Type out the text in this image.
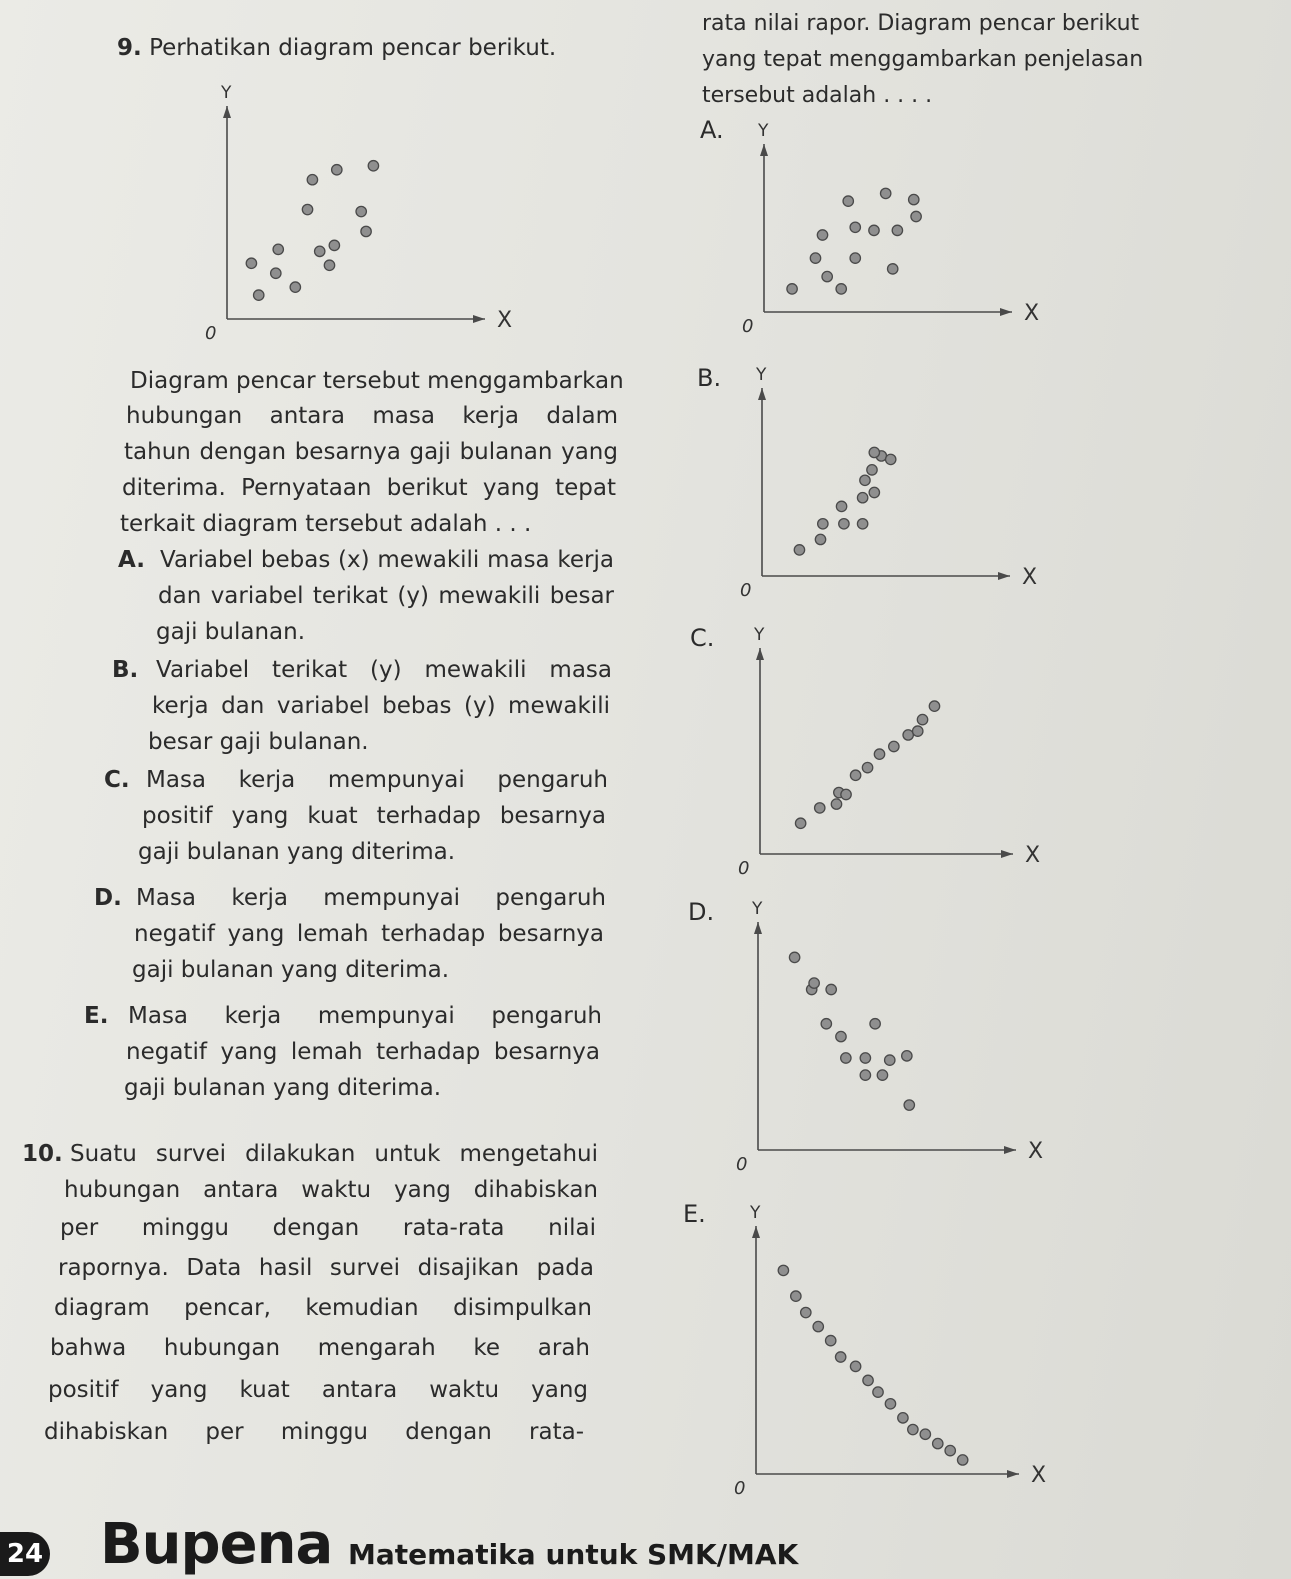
9. Perhatikan diagram pencar berikut.
X
Y
0
Diagram pencar tersebut menggambarkan
hubungan antara masa kerja dalam
tahun dengan besarnya gaji bulanan yang
diterima. Pernyataan berikut yang tepat
terkait diagram tersebut adalah . . .
A. Variabel bebas (x) mewakili masa kerja
dan variabel terikat (y) mewakili besar
gaji bulanan.
B. Variabel terikat (y) mewakili masa
kerja dan variabel bebas (y) mewakili
besar gaji bulanan.
C. Masa kerja mempunyai pengaruh
positif yang kuat terhadap besarnya
gaji bulanan yang diterima.
D. Masa kerja mempunyai pengaruh
negatif yang lemah terhadap besarnya
gaji bulanan yang diterima.
E. Masa kerja mempunyai pengaruh
negatif yang lemah terhadap besarnya
gaji bulanan yang diterima.
10. Suatu survei dilakukan untuk mengetahui
hubungan antara waktu yang dihabiskan
per minggu dengan rata-rata nilai
rapornya. Data hasil survei disajikan pada
diagram pencar, kemudian disimpulkan
bahwa hubungan mengarah ke arah
positif yang kuat antara waktu yang
dihabiskan per minggu dengan rata-
rata nilai rapor. Diagram pencar berikut
yang tepat menggambarkan penjelasan
tersebut adalah . . . .
A.
X
Y
0
B.
X
Y
0
C.
X
Y
0
D.
X
Y
0
E.
X
Y
0
24 Bupena Matematika untuk SMK/MAK
